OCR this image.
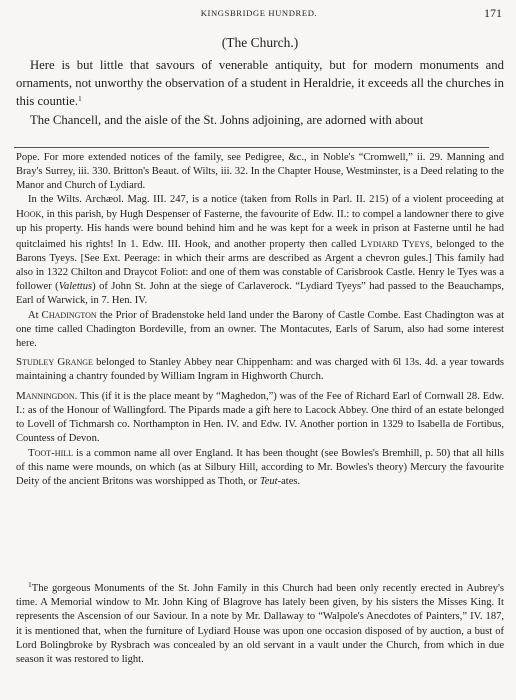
KINGSBRIDGE HUNDRED.	171
(The Church.)

Here is but little that savours of venerable antiquity, but for modern monuments and ornaments, not unworthy the observation of a student in Heraldrie, it exceeds all the churches in this countie.$^1$

The Chancell, and the aisle of the St. Johns adjoining, are adorned with about

Pope. For more extended notices of the family, see Pedigree, &c., in Noble's “Cromwell,” ii. 29. Manning and Bray's Surrey, iii. 330. Britton's Beaut. of Wilts, iii. 32. In the Chapter House, Westminster, is a Deed relating to the Manor and Church of Lydiard.

In the Wilts. Archæol. Mag. III. 247, is a notice (taken from Rolls in Parl. II. 215) of a violent proceeding at Hook, in this parish, by Hugh Despenser of Fasterne, the favourite of Edw. II.: to compel a landowner there to give up his property. His hands were bound behind him and he was kept for a week in prison at Fasterne until he had quitclaimed his rights! In 1. Edw. III. Hook, and another property then called Lydiard Tyeys, belonged to the Barons Tyeys. [See Ext. Peerage: in which their arms are described as Argent a chevron gules.] This family had also in 1322 Chilton and Draycot Foliot: and one of them was constable of Carisbrook Castle. Henry le Tyes was a follower (Valettus) of John St. John at the siege of Carlaverock. “Lydiard Tyeys” had passed to the Beauchamps, Earl of Warwick, in 7. Hen. IV.

At Chadington the Prior of Bradenstoke held land under the Barony of Castle Combe. East Chadington was at one time called Chadington Bordeville, from an owner. The Montacutes, Earls of Sarum, also had some interest here.

Studley Grange belonged to Stanley Abbey near Chippenham: and was charged with 6l 13s. 4d. a year towards maintaining a chantry founded by William Ingram in Highworth Church.

Manningdon. This (if it is the place meant by “Maghedon,”) was of the Fee of Richard Earl of Cornwall 28. Edw. I.: as of the Honour of Wallingford. The Pipards made a gift here to Lacock Abbey. One third of an estate belonged to Lovell of Tichmarsh co. Northampton in Hen. IV. and Edw. IV. Another portion in 1329 to Isabella de Fortibus, Countess of Devon.

Toot-hill is a common name all over England. It has been thought (see Bowles's Bremhill, p. 50) that all hills of this name were mounds, on which (as at Silbury Hill, according to Mr. Bowles's theory) Mercury the favourite Deity of the ancient Britons was worshipped as Thoth, or Teut-ates.

$^1$The gorgeous Monuments of the St. John Family in this Church had been only recently erected in Aubrey's time. A Memorial window to Mr. John King of Blagrove has lately been given, by his sisters the Misses King. It represents the Ascension of our Saviour. In a note by Mr. Dallaway to “Walpole's Anecdotes of Painters,” IV. 187, it is mentioned that, when the furniture of Lydiard House was upon one occasion disposed of by auction, a bust of Lord Bolingbroke by Rysbrach was concealed by an old servant in a vault under the Church, from which in due season it was restored to light.
